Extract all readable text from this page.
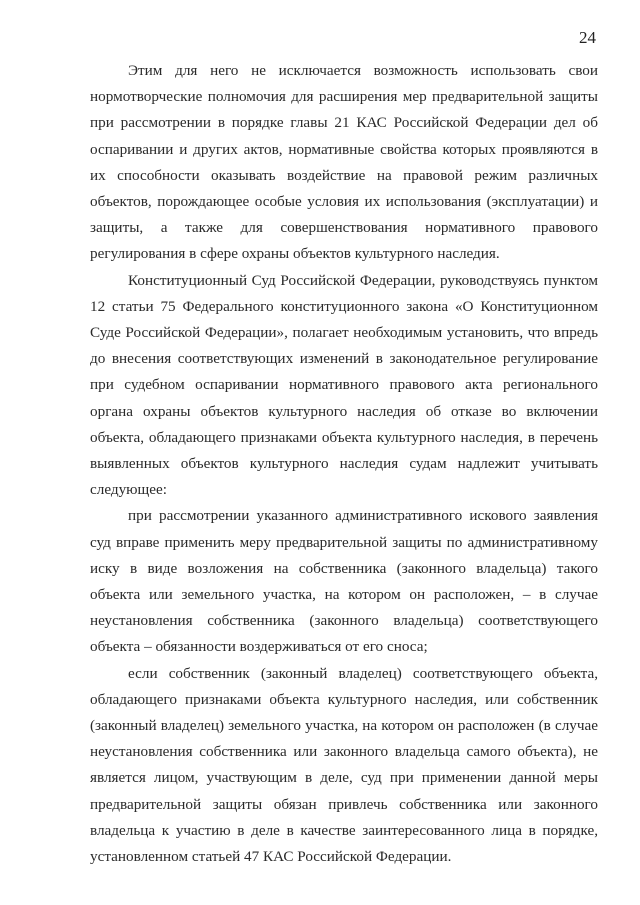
24

Этим для него не исключается возможность использовать свои нормотворческие полномочия для расширения мер предварительной защиты при рассмотрении в порядке главы 21 КАС Российской Федерации дел об оспаривании и других актов, нормативные свойства которых проявляются в их способности оказывать воздействие на правовой режим различных объектов, порождающее особые условия их использования (эксплуатации) и защиты, а также для совершенствования нормативного правового регулирования в сфере охраны объектов культурного наследия.

Конституционный Суд Российской Федерации, руководствуясь пунктом 12 статьи 75 Федерального конституционного закона «О Конституционном Суде Российской Федерации», полагает необходимым установить, что впредь до внесения соответствующих изменений в законодательное регулирование при судебном оспаривании нормативного правового акта регионального органа охраны объектов культурного наследия об отказе во включении объекта, обладающего признаками объекта культурного наследия, в перечень выявленных объектов культурного наследия судам надлежит учитывать следующее:

при рассмотрении указанного административного искового заявления суд вправе применить меру предварительной защиты по административному иску в виде возложения на собственника (законного владельца) такого объекта или земельного участка, на котором он расположен, – в случае неустановления собственника (законного владельца) соответствующего объекта – обязанности воздерживаться от его сноса;

если собственник (законный владелец) соответствующего объекта, обладающего признаками объекта культурного наследия, или собственник (законный владелец) земельного участка, на котором он расположен (в случае неустановления собственника или законного владельца самого объекта), не является лицом, участвующим в деле, суд при применении данной меры предварительной защиты обязан привлечь собственника или законного владельца к участию в деле в качестве заинтересованного лица в порядке, установленном статьей 47 КАС Российской Федерации.
